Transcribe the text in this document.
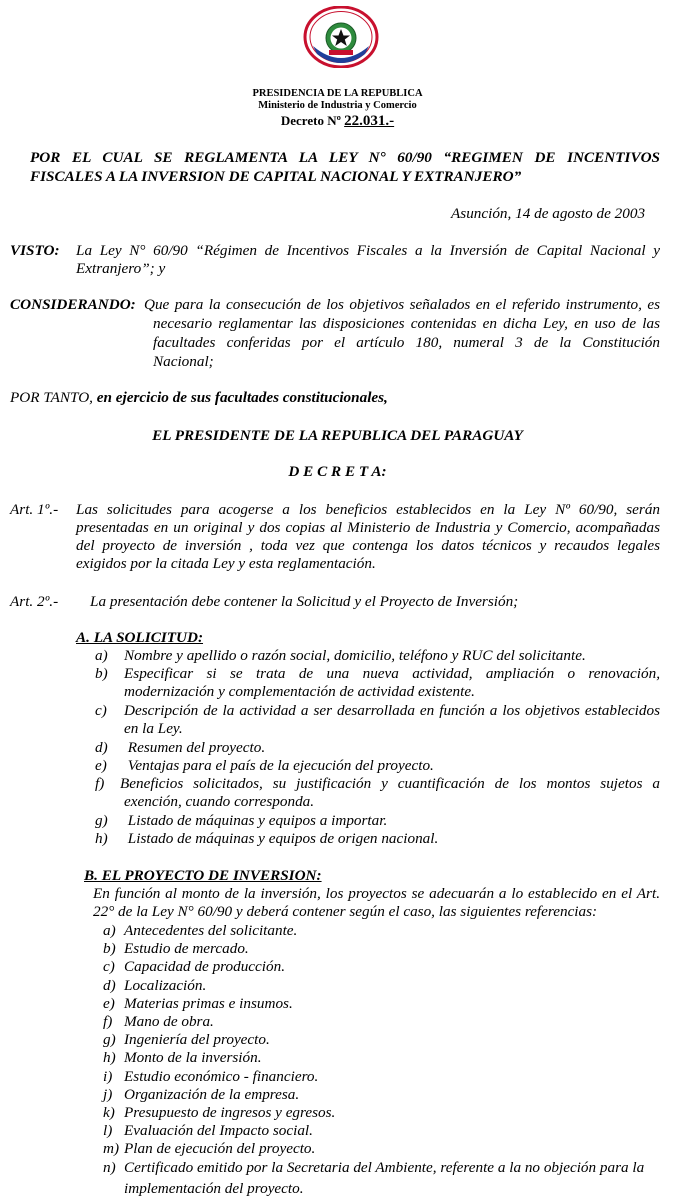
PRESIDENCIA DE LA REPUBLICA
Ministerio de Industria y Comercio
Decreto Nº 22.031.-
POR EL CUAL SE REGLAMENTA LA LEY N° 60/90 “REGIMEN DE INCENTIVOS
FISCALES A LA INVERSION DE CAPITAL NACIONAL Y EXTRANJERO”
Asunción, 14 de agosto de 2003
VISTO: La Ley N° 60/90 “Régimen de Incentivos Fiscales a la Inversión de Capital Nacional y
Extranjero”; y
CONSIDERANDO: Que para la consecución de los objetivos señalados en el referido instrumento, es
necesario reglamentar las disposiciones contenidas en dicha Ley, en uso de las
facultades conferidas por el artículo 180, numeral 3 de la Constitución
Nacional;
POR TANTO, en ejercicio de sus facultades constitucionales,
EL PRESIDENTE DE LA REPUBLICA DEL PARAGUAY
D E C R E T A:
Art. 1º.- Las solicitudes para acogerse a los beneficios establecidos en la Ley Nº 60/90, serán
presentadas en un original y dos copias al Ministerio de Industria y Comercio, acompañadas
del proyecto de inversión , toda vez que contenga los datos técnicos y recaudos legales
exigidos por la citada Ley y esta reglamentación.
Art. 2º.- La presentación debe contener la Solicitud y el Proyecto de Inversión;
A. LA SOLICITUD:
a) Nombre y apellido o razón social, domicilio, teléfono y RUC del solicitante.
b) Especificar si se trata de una nueva actividad, ampliación o renovación,
modernización y complementación de actividad existente.
c) Descripción de la actividad a ser desarrollada en función a los objetivos establecidos
en la Ley.
d) Resumen del proyecto.
e) Ventajas para el país de la ejecución del proyecto.
f) Beneficios solicitados, su justificación y cuantificación de los montos sujetos a
exención, cuando corresponda.
g) Listado de máquinas y equipos a importar.
h) Listado de máquinas y equipos de origen nacional.
B. EL PROYECTO DE INVERSION:
En función al monto de la inversión, los proyectos se adecuarán a lo establecido en el Art.
22° de la Ley N° 60/90 y deberá contener según el caso, las siguientes referencias:
a) Antecedentes del solicitante.
b) Estudio de mercado.
c) Capacidad de producción.
d) Localización.
e) Materias primas e insumos.
f) Mano de obra.
g) Ingeniería del proyecto.
h) Monto de la inversión.
i) Estudio económico - financiero.
j) Organización de la empresa.
k) Presupuesto de ingresos y egresos.
l) Evaluación del Impacto social.
m) Plan de ejecución del proyecto.
n) Certificado emitido por la Secretaria del Ambiente, referente a la no objeción para la
implementación del proyecto.
